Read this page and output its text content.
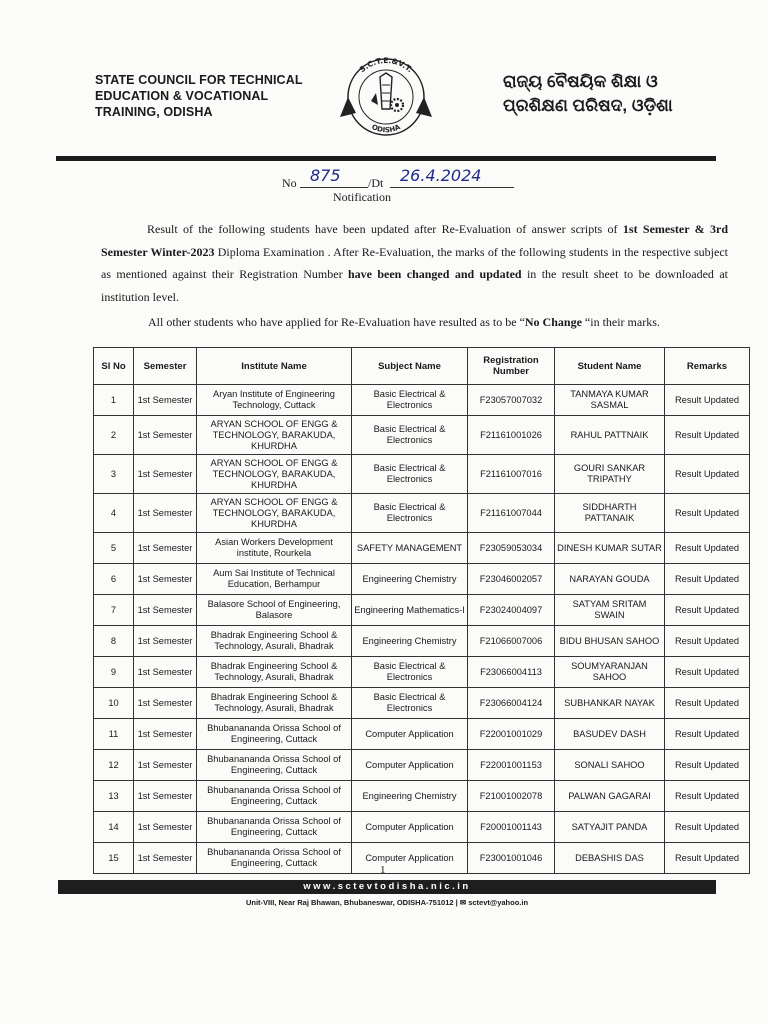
STATE COUNCIL FOR TECHNICAL
EDUCATION & VOCATIONAL
TRAINING, ODISHA
S.C.T.E.&V.T.
ODISHA
ରାଜ୍ୟ ବୈଷୟିକ ଶିକ୍ଷା ଓ
ପ୍ରଶିକ୍ଷଣ ପରିଷଦ, ଓଡ଼ିଶା
No 875 /Dt 26.4.2024
Notification
Result of the following students have been updated after Re-Evaluation of answer scripts of 1st Semester & 3rd Semester Winter-2023 Diploma Examination . After Re-Evaluation, the marks of the following students in the respective subject as mentioned against their Registration Number have been changed and updated in the result sheet to be downloaded at institution level.
All other students who have applied for Re-Evaluation have resulted as to be “No Change “in their marks.
Sl No	Semester	Institute Name	Subject Name	Registration Number	Student Name	Remarks
1	1st Semester	Aryan Institute of Engineering Technology, Cuttack	Basic Electrical & Electronics	F23057007032	TANMAYA KUMAR SASMAL	Result Updated
2	1st Semester	ARYAN SCHOOL OF ENGG & TECHNOLOGY, BARAKUDA, KHURDHA	Basic Electrical & Electronics	F21161001026	RAHUL PATTNAIK	Result Updated
3	1st Semester	ARYAN SCHOOL OF ENGG & TECHNOLOGY, BARAKUDA, KHURDHA	Basic Electrical & Electronics	F21161007016	GOURI SANKAR TRIPATHY	Result Updated
4	1st Semester	ARYAN SCHOOL OF ENGG & TECHNOLOGY, BARAKUDA, KHURDHA	Basic Electrical & Electronics	F21161007044	SIDDHARTH PATTANAIK	Result Updated
5	1st Semester	Asian Workers Development institute, Rourkela	SAFETY MANAGEMENT	F23059053034	DINESH KUMAR SUTAR	Result Updated
6	1st Semester	Aum Sai Institute of Technical Education, Berhampur	Engineering Chemistry	F23046002057	NARAYAN GOUDA	Result Updated
7	1st Semester	Balasore School of Engineering, Balasore	Engineering Mathematics-I	F23024004097	SATYAM SRITAM SWAIN	Result Updated
8	1st Semester	Bhadrak Engineering School & Technology, Asurali, Bhadrak	Engineering Chemistry	F21066007006	BIDU BHUSAN SAHOO	Result Updated
9	1st Semester	Bhadrak Engineering School & Technology, Asurali, Bhadrak	Basic Electrical & Electronics	F23066004113	SOUMYARANJAN SAHOO	Result Updated
10	1st Semester	Bhadrak Engineering School & Technology, Asurali, Bhadrak	Basic Electrical & Electronics	F23066004124	SUBHANKAR NAYAK	Result Updated
11	1st Semester	Bhubanananda Orissa School of Engineering, Cuttack	Computer Application	F22001001029	BASUDEV DASH	Result Updated
12	1st Semester	Bhubanananda Orissa School of Engineering, Cuttack	Computer Application	F22001001153	SONALI SAHOO	Result Updated
13	1st Semester	Bhubanananda Orissa School of Engineering, Cuttack	Engineering Chemistry	F21001002078	PALWAN GAGARAI	Result Updated
14	1st Semester	Bhubanananda Orissa School of Engineering, Cuttack	Computer Application	F20001001143	SATYAJIT PANDA	Result Updated
15	1st Semester	Bhubanananda Orissa School of Engineering, Cuttack	Computer Application	F23001001046	DEBASHIS DAS	Result Updated
1
www.sctevtodisha.nic.in
Unit-VIII, Near Raj Bhawan, Bhubaneswar, ODISHA-751012 | ✉ sctevt@yahoo.in
